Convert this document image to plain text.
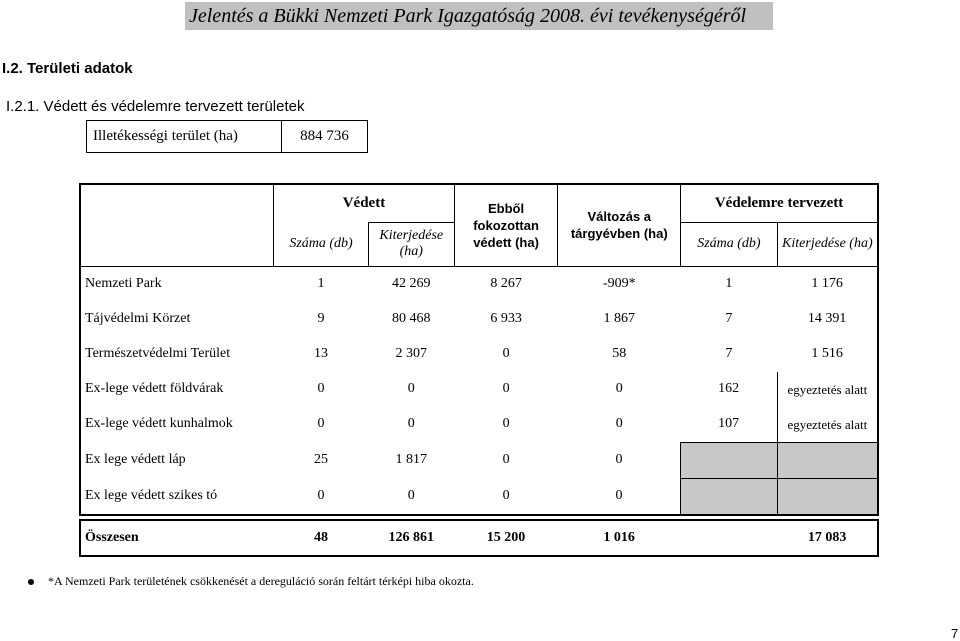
Jelentés a Bükki Nemzeti Park Igazgatóság 2008. évi tevékenységéről
I.2. Területi adatok
I.2.1. Védett és védelemre tervezett területek
Illetékességi terület (ha)	884 736
	Védett		Ebből fokozottan védett (ha)	Változás a tárgyévben (ha)	Védelemre tervezett	
	Száma (db)	Kiterjedése (ha)			Száma (db)	Kiterjedése (ha)
Nemzeti Park	1	42 269	8 267	-909*	1	1 176
Tájvédelmi Körzet	9	80 468	6 933	1 867	7	14 391
Természetvédelmi Terület	13	2 307	0	58	7	1 516
Ex-lege védett földvárak	0	0	0	0	162	egyeztetés alatt
Ex-lege védett kunhalmok	0	0	0	0	107	egyeztetés alatt
Ex lege védett láp	25	1 817	0	0		
Ex lege védett szikes tó	0	0	0	0		
Összesen	48	126 861	15 200	1 016		17 083
*A Nemzeti Park területének csökkenését a dereguláció során feltárt térképi hiba okozta.
7
